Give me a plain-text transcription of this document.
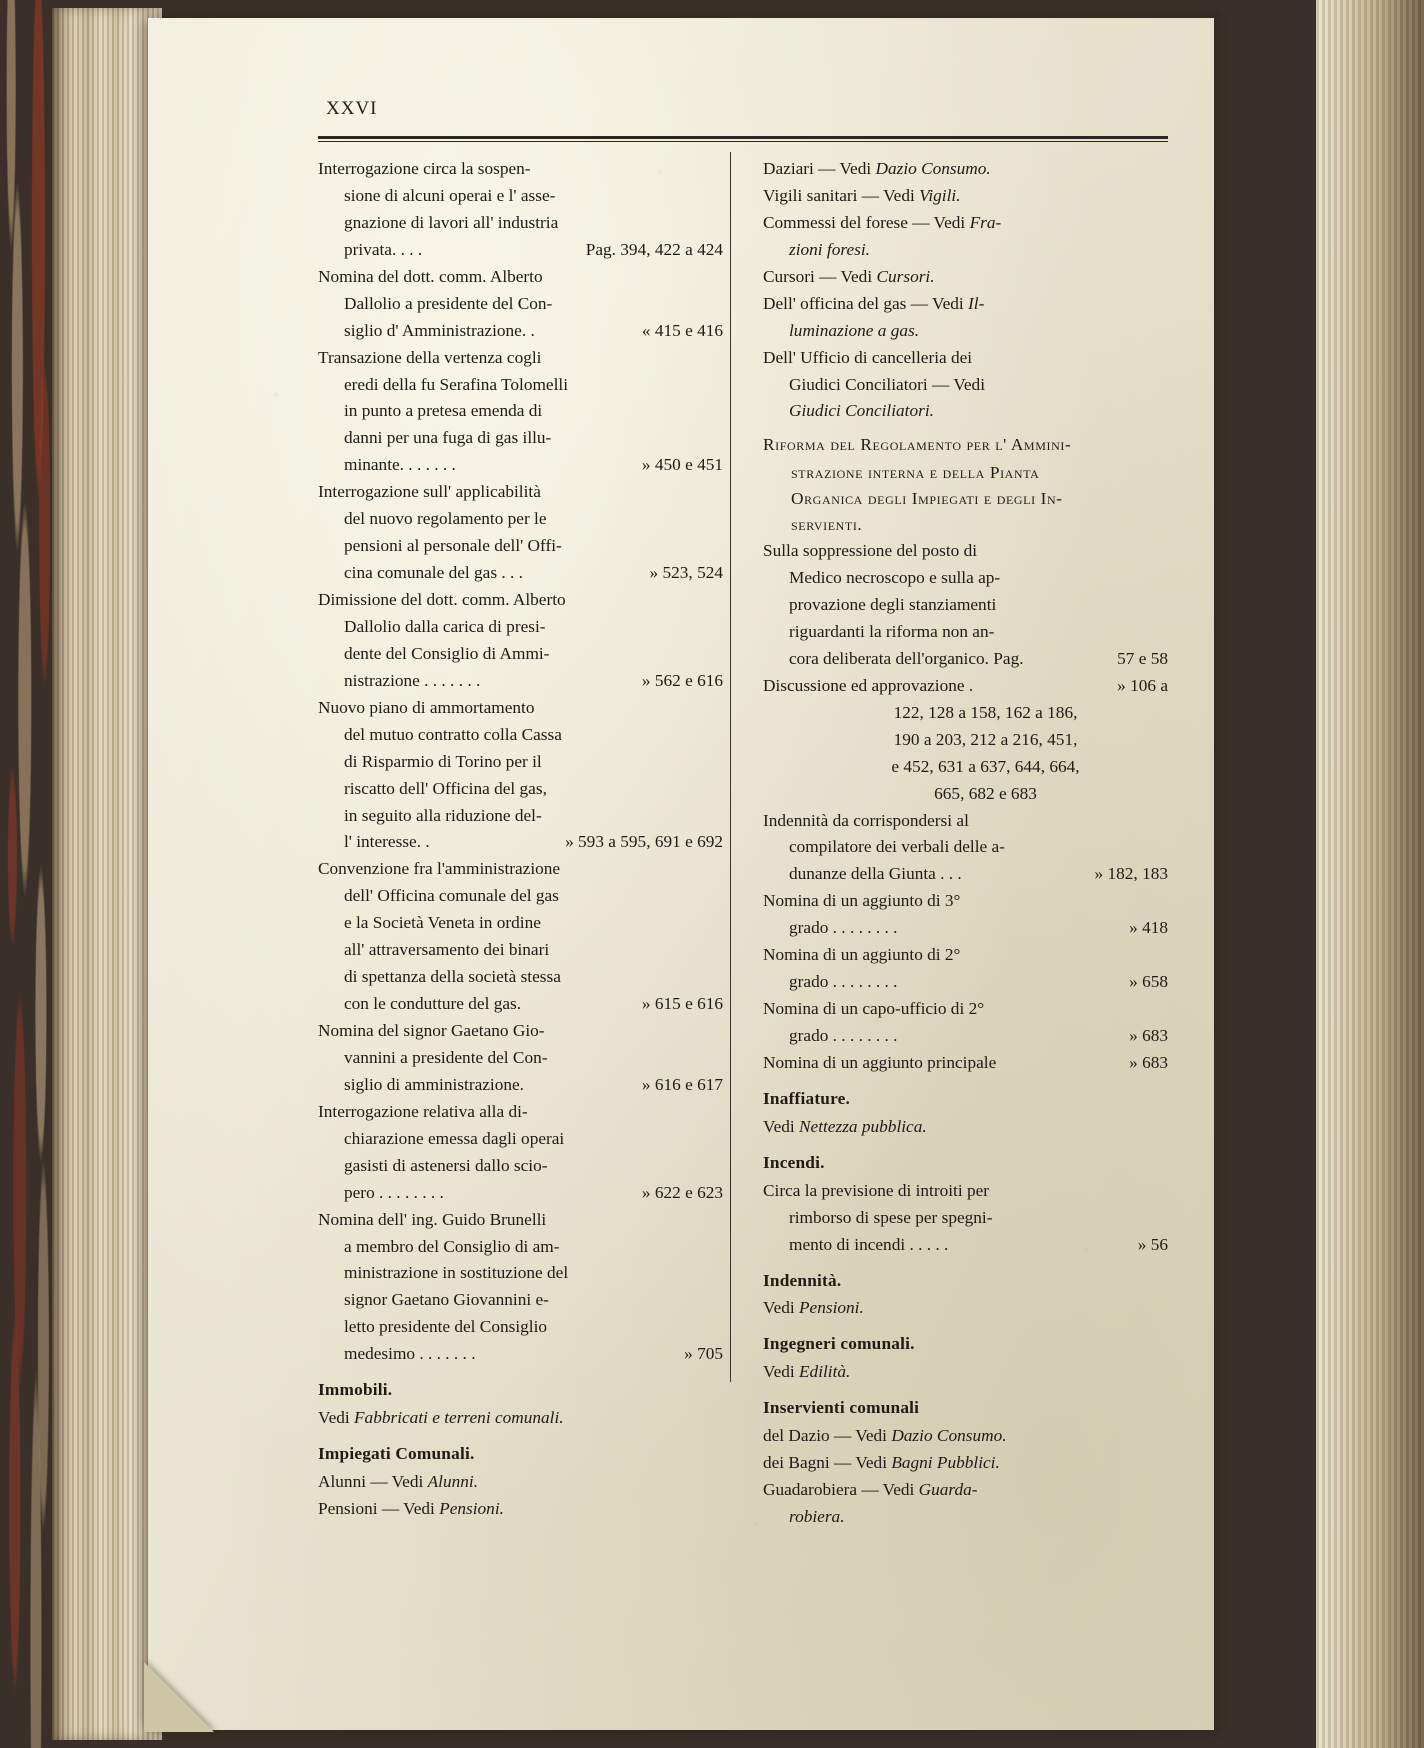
XXVI
Interrogazione circa la sospen-
sione di alcuni operai e l' asse-
gnazione di lavori all' industria
privata. . . .	Pag. 394, 422 a 424
Nomina del dott. comm. Alberto
Dallolio a presidente del Con-
siglio d' Amministrazione. .	« 415 e 416
Transazione della vertenza cogli
eredi della fu Serafina Tolomelli
in punto a pretesa emenda di
danni per una fuga di gas illu-
minante. . . . . . .	» 450 e 451
Interrogazione sull' applicabilità
del nuovo regolamento per le
pensioni al personale dell' Offi-
cina comunale del gas . . .	» 523, 524
Dimissione del dott. comm. Alberto
Dallolio dalla carica di presi-
dente del Consiglio di Ammi-
nistrazione . . . . . . .	» 562 e 616
Nuovo piano di ammortamento
del mutuo contratto colla Cassa
di Risparmio di Torino per il
riscatto dell' Officina del gas,
in seguito alla riduzione del-
l' interesse. .	» 593 a 595, 691 e 692
Convenzione fra l'amministrazione
dell' Officina comunale del gas
e la Società Veneta in ordine
all' attraversamento dei binari
di spettanza della società stessa
con le condutture del gas.	» 615 e 616
Nomina del signor Gaetano Gio-
vannini a presidente del Con-
siglio di amministrazione.	» 616 e 617
Interrogazione relativa alla di-
chiarazione emessa dagli operai
gasisti di astenersi dallo scio-
pero . . . . . . . .	» 622 e 623
Nomina dell' ing. Guido Brunelli
a membro del Consiglio di am-
ministrazione in sostituzione del
signor Gaetano Giovannini e-
letto presidente del Consiglio
medesimo . . . . . . .	» 705
Immobili.
Vedi Fabbricati e terreni comunali.
Impiegati Comunali.
Alunni — Vedi Alunni.
Pensioni — Vedi Pensioni.
Daziari — Vedi Dazio Consumo.
Vigili sanitari — Vedi Vigili.
Commessi del forese — Vedi Fra-
zioni foresi.
Cursori — Vedi Cursori.
Dell' officina del gas — Vedi Il-
luminazione a gas.
Dell' Ufficio di cancelleria dei
Giudici Conciliatori — Vedi
Giudici Conciliatori.
Riforma del Regolamento per l' Ammini-
strazione interna e della Pianta
Organica degli Impiegati e degli In-
servienti.
Sulla soppressione del posto di
Medico necroscopo e sulla ap-
provazione degli stanziamenti
riguardanti la riforma non an-
cora deliberata dell'organico. Pag.	57 e 58
Discussione ed approvazione .	» 106 a
122, 128 a 158, 162 a 186,
190 a 203, 212 a 216, 451,
e 452, 631 a 637, 644, 664,
665, 682 e 683
Indennità da corrispondersi al
compilatore dei verbali delle a-
dunanze della Giunta . . .	» 182, 183
Nomina di un aggiunto di 3°
grado . . . . . . . .	» 418
Nomina di un aggiunto di 2°
grado . . . . . . . .	» 658
Nomina di un capo-ufficio di 2°
grado . . . . . . . .	» 683
Nomina di un aggiunto principale	» 683
Inaffiature.
Vedi Nettezza pubblica.
Incendi.
Circa la previsione di introiti per
rimborso di spese per spegni-
mento di incendi . . . . .	» 56
Indennità.
Vedi Pensioni.
Ingegneri comunali.
Vedi Edilità.
Inservienti comunali
del Dazio — Vedi Dazio Consumo.
dei Bagni — Vedi Bagni Pubblici.
Guadarobiera — Vedi Guarda-
robiera.
